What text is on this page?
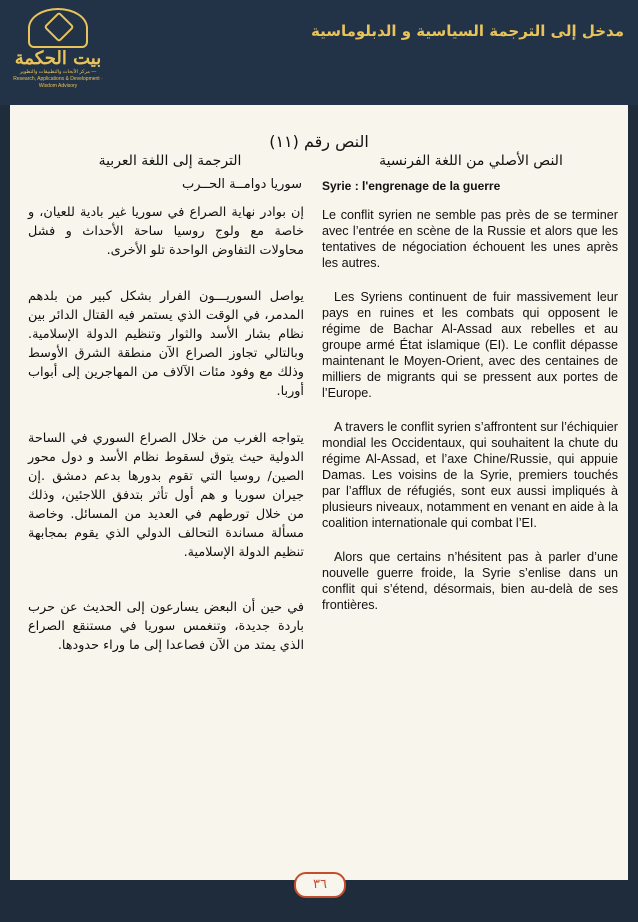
بيت الحكمة
مركز الأبحاث والتطبيقات والتطوير — Research, Applications & Development · Wisdom Advisory
مدخل إلى الترجمة السياسية و الدبلوماسية
النص رقم (١١)
النص الأصلي من اللغة الفرنسية
الترجمة إلى اللغة العربية
Syrie : l'engrenage de la guerre
سوريا دوامــة الحــرب

Le conflit syrien ne semble pas près de se terminer avec l’entrée en scène de la Russie et alors que les tentatives de négociation échouent les unes après les autres.

Les Syriens continuent de fuir massivement leur pays en ruines et les combats qui opposent le régime de Bachar Al-Assad aux rebelles et au groupe armé État islamique (EI). Le conflit dépasse maintenant le Moyen-Orient, avec des centaines de milliers de migrants qui se pressent aux portes de l’Europe.

A travers le conflit syrien s’affrontent sur l’échiquier mondial les Occidentaux, qui souhaitent la chute du régime Al-Assad, et l’axe Chine/Russie, qui appuie Damas. Les voisins de la Syrie, premiers touchés par l’afflux de réfugiés, sont eux aussi impliqués à plusieurs niveaux, notamment en venant en aide à la coalition internationale qui combat l’EI.

Alors que certains n’hésitent pas à parler d’une nouvelle guerre froide, la Syrie s’enlise dans un conflit qui s’étend, désormais, bien au-delà de ses frontières.

إن بوادر نهاية الصراع في سوريا غير بادية للعيان، و خاصة مع ولوج روسيا ساحة الأحداث و فشل محاولات التفاوض الواحدة تلو الأخرى.

يواصل السوريـــون الفرار بشكل كبير من بلدهم المدمر، في الوقت الذي يستمر فيه القتال الدائر بين نظام بشار الأسد والثوار وتنظيم الدولة الإسلامية. وبالتالي تجاوز الصراع الآن منطقة الشرق الأوسط وذلك مع وفود مئات الآلاف من المهاجرين إلى أبواب أوربا.

يتواجه الغرب من خلال الصراع السوري في الساحة الدولية حيث يتوق لسقوط نظام الأسد و دول محور الصين/ روسيا التي تقوم بدورها بدعم دمشق .إن جيران سوريا و هم أول تأثر بتدفق اللاجئين، وذلك من خلال تورطهم في العديد من المسائل. وخاصة مسألة مساندة التحالف الدولي الذي يقوم بمجابهة تنظيم الدولة الإسلامية.

في حين أن البعض يسارعون إلى الحديث عن حرب باردة جديدة، وتنغمس سوريا في مستنقع الصراع الذي يمتد من الآن فصاعدا إلى ما وراء حدودها.

٣٦
